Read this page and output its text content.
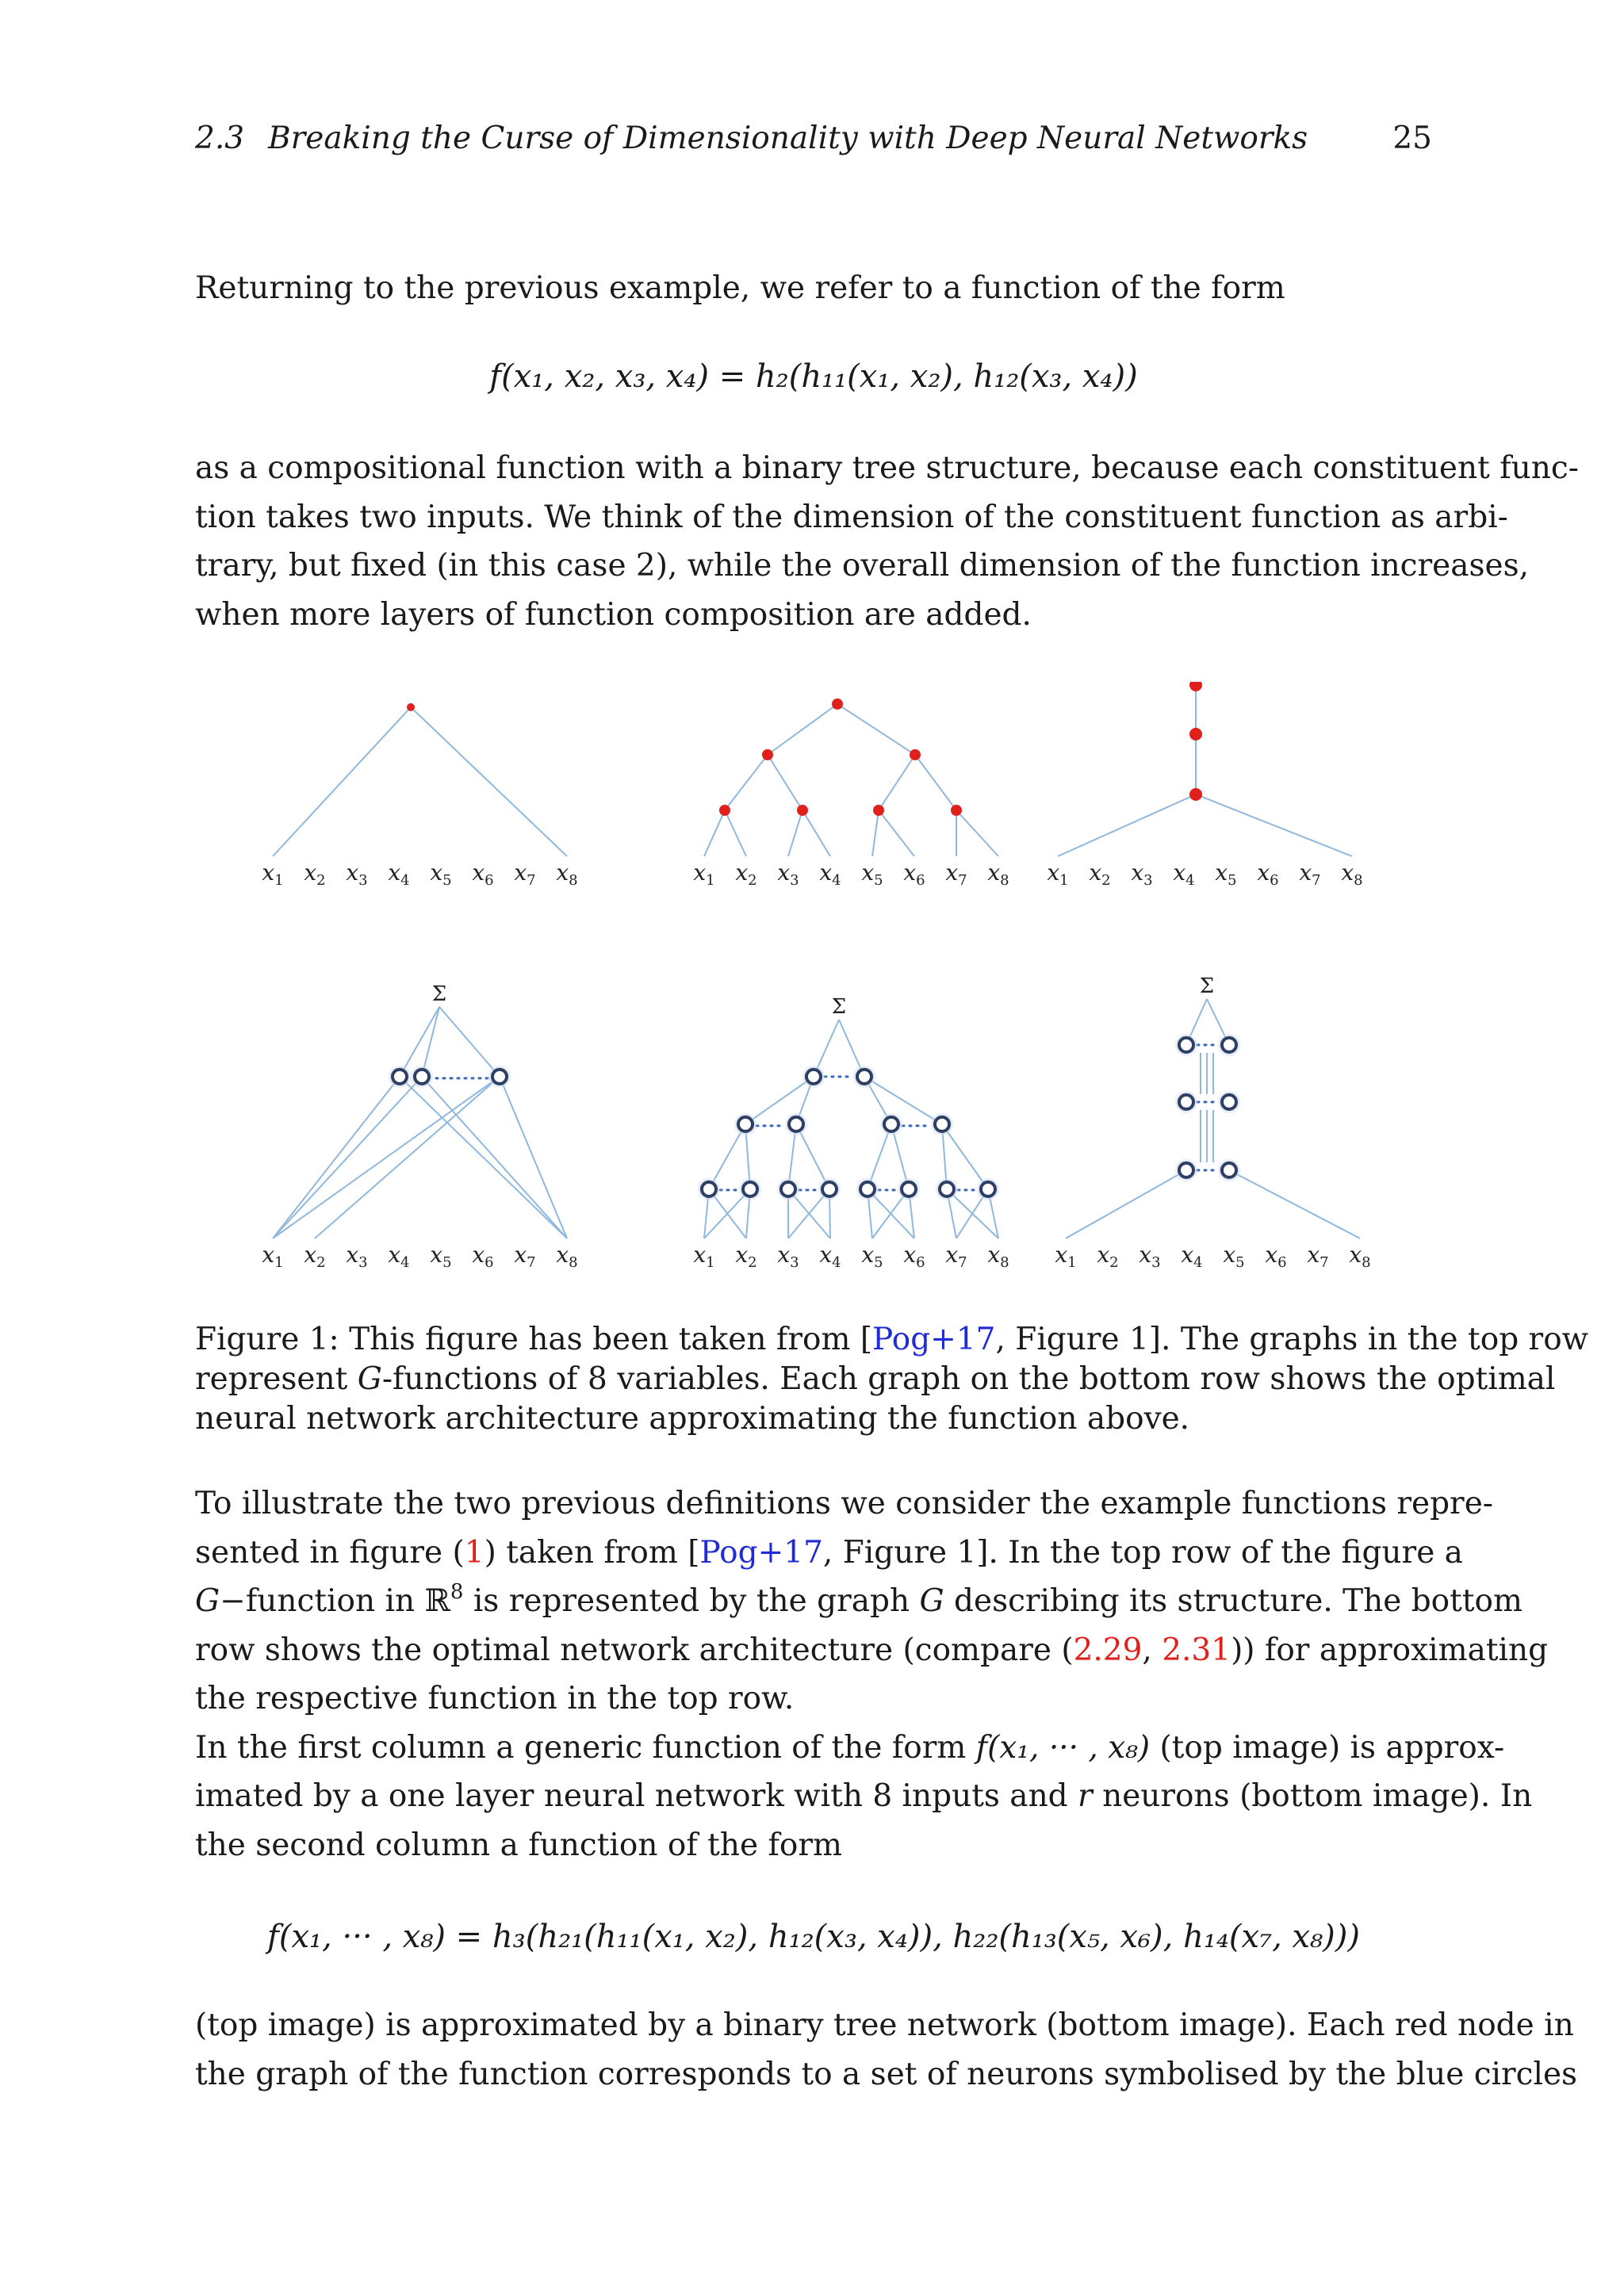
2.3 Breaking the Curse of Dimensionality with Deep Neural Networks	25
Returning to the previous example, we refer to a function of the form
f(x₁, x₂, x₃, x₄) = h₂(h₁₁(x₁, x₂), h₁₂(x₃, x₄))
as a compositional function with a binary tree structure, because each constituent func-
tion takes two inputs. We think of the dimension of the constituent function as arbi-
trary, but fixed (in this case 2), while the overall dimension of the function increases,
when more layers of function composition are added.
$x_1$ $x_2$ $x_3$ $x_4$ $x_5$ $x_6$ $x_7$ $x_8$	$x_1$ $x_2$ $x_3$ $x_4$ $x_5$ $x_6$ $x_7$ $x_8$ $x_1$ $x_2$ $x_3$ $x_4$ $x_5$ $x_6$ $x_7$ $x_8$
$x_1$ $x_2$ $x_3$ $x_4$ $x_5$ $x_6$ $x_7$ $x_8$
Σ
$x_1$ $x_2$ $x_3$ $x_4$ $x_5$ $x_6$ $x_7$ $x_8$
Σ
$x_1$ $x_2$ $x_3$ $x_4$ $x_5$ $x_6$ $x_7$ $x_8$
Σ
Figure 1: This figure has been taken from [Pog+17, Figure 1]. The graphs in the top row
represent G-functions of 8 variables. Each graph on the bottom row shows the optimal
neural network architecture approximating the function above.
To illustrate the two previous definitions we consider the example functions repre-
sented in figure (1) taken from [Pog+17, Figure 1]. In the top row of the figure a
G−function in ℝ$^8$ is represented by the graph G describing its structure. The bottom
row shows the optimal network architecture (compare (2.29, 2.31)) for approximating
the respective function in the top row.
In the first column a generic function of the form f(x₁, ··· , x₈) (top image) is approx-
imated by a one layer neural network with 8 inputs and r neurons (bottom image). In
the second column a function of the form
f(x₁, ··· , x₈) = h₃(h₂₁(h₁₁(x₁, x₂), h₁₂(x₃, x₄)), h₂₂(h₁₃(x₅, x₆), h₁₄(x₇, x₈)))
(top image) is approximated by a binary tree network (bottom image). Each red node in
the graph of the function corresponds to a set of neurons symbolised by the blue circles
